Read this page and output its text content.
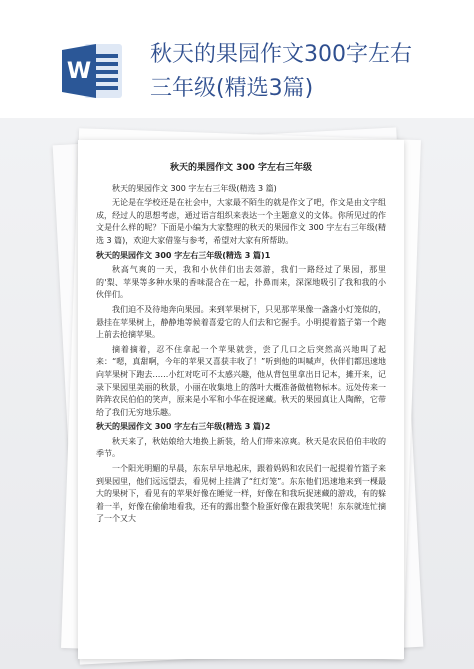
W
秋天的果园作文300字左右
三年级(精选3篇)
秋天的果园作文 300 字左右三年级
秋天的果园作文 300 字左右三年级(精选 3 篇)
无论是在学校还是在社会中，大家最不陌生的就是作文了吧，作文是由文字组成，经过人的思想考虑，通过语言组织来表达一个主题意义的文体。你所见过的作文是什么样的呢？下面是小编为大家整理的秋天的果园作文 300 字左右三年级(精选 3 篇)，欢迎大家借鉴与参考，希望对大家有所帮助。
秋天的果园作文 300 字左右三年级(精选 3 篇)1
秋高气爽的一天，我和小伙伴们出去郊游，我们一路经过了果园，那里的'梨、苹果等多种水果的香味混合在一起，扑鼻而来，深深地吸引了我和我的小伙伴们。
我们迫不及待地奔向果园。来到苹果树下，只见那苹果像一盏盏小灯笼似的，悬挂在苹果树上，静静地等候着喜爱它的人们去和它握手。小明提着篮子第一个跑上前去抢摘苹果。
摘着摘着，忍不住拿起一个苹果就尝，尝了几口之后突然高兴地叫了起来：“嗯，真甜啊，今年的苹果又喜获丰收了！”听到他的叫喊声，伙伴们都迅速地向苹果树下跑去……小红对吃可不太感兴趣，他从背包里拿出日记本，摊开来，记录下果园里美丽的秋景，小丽在收集地上的落叶大概准备做植物标本。远处传来一阵阵农民伯伯的笑声，原来是小军和小华在捉迷藏。秋天的果园真让人陶醉，它带给了我们无穷地乐趣。
秋天的果园作文 300 字左右三年级(精选 3 篇)2
秋天来了，秋姑娘给大地换上新装，给人们带来凉爽。秋天是农民伯伯丰收的季节。
一个阳光明媚的早晨，东东早早地起床，跟着妈妈和农民们一起提着竹篮子来到果园里，他们远远望去，看见树上挂满了“红灯笼”。东东他们迅速地来到一棵最大的果树下，看见有的苹果好像在睡觉一样，好像在和我玩捉迷藏的游戏，有的躲着一半，好像在偷偷地看我，还有的露出整个脸蛋好像在跟我笑呢！东东就连忙摘了一个又大
